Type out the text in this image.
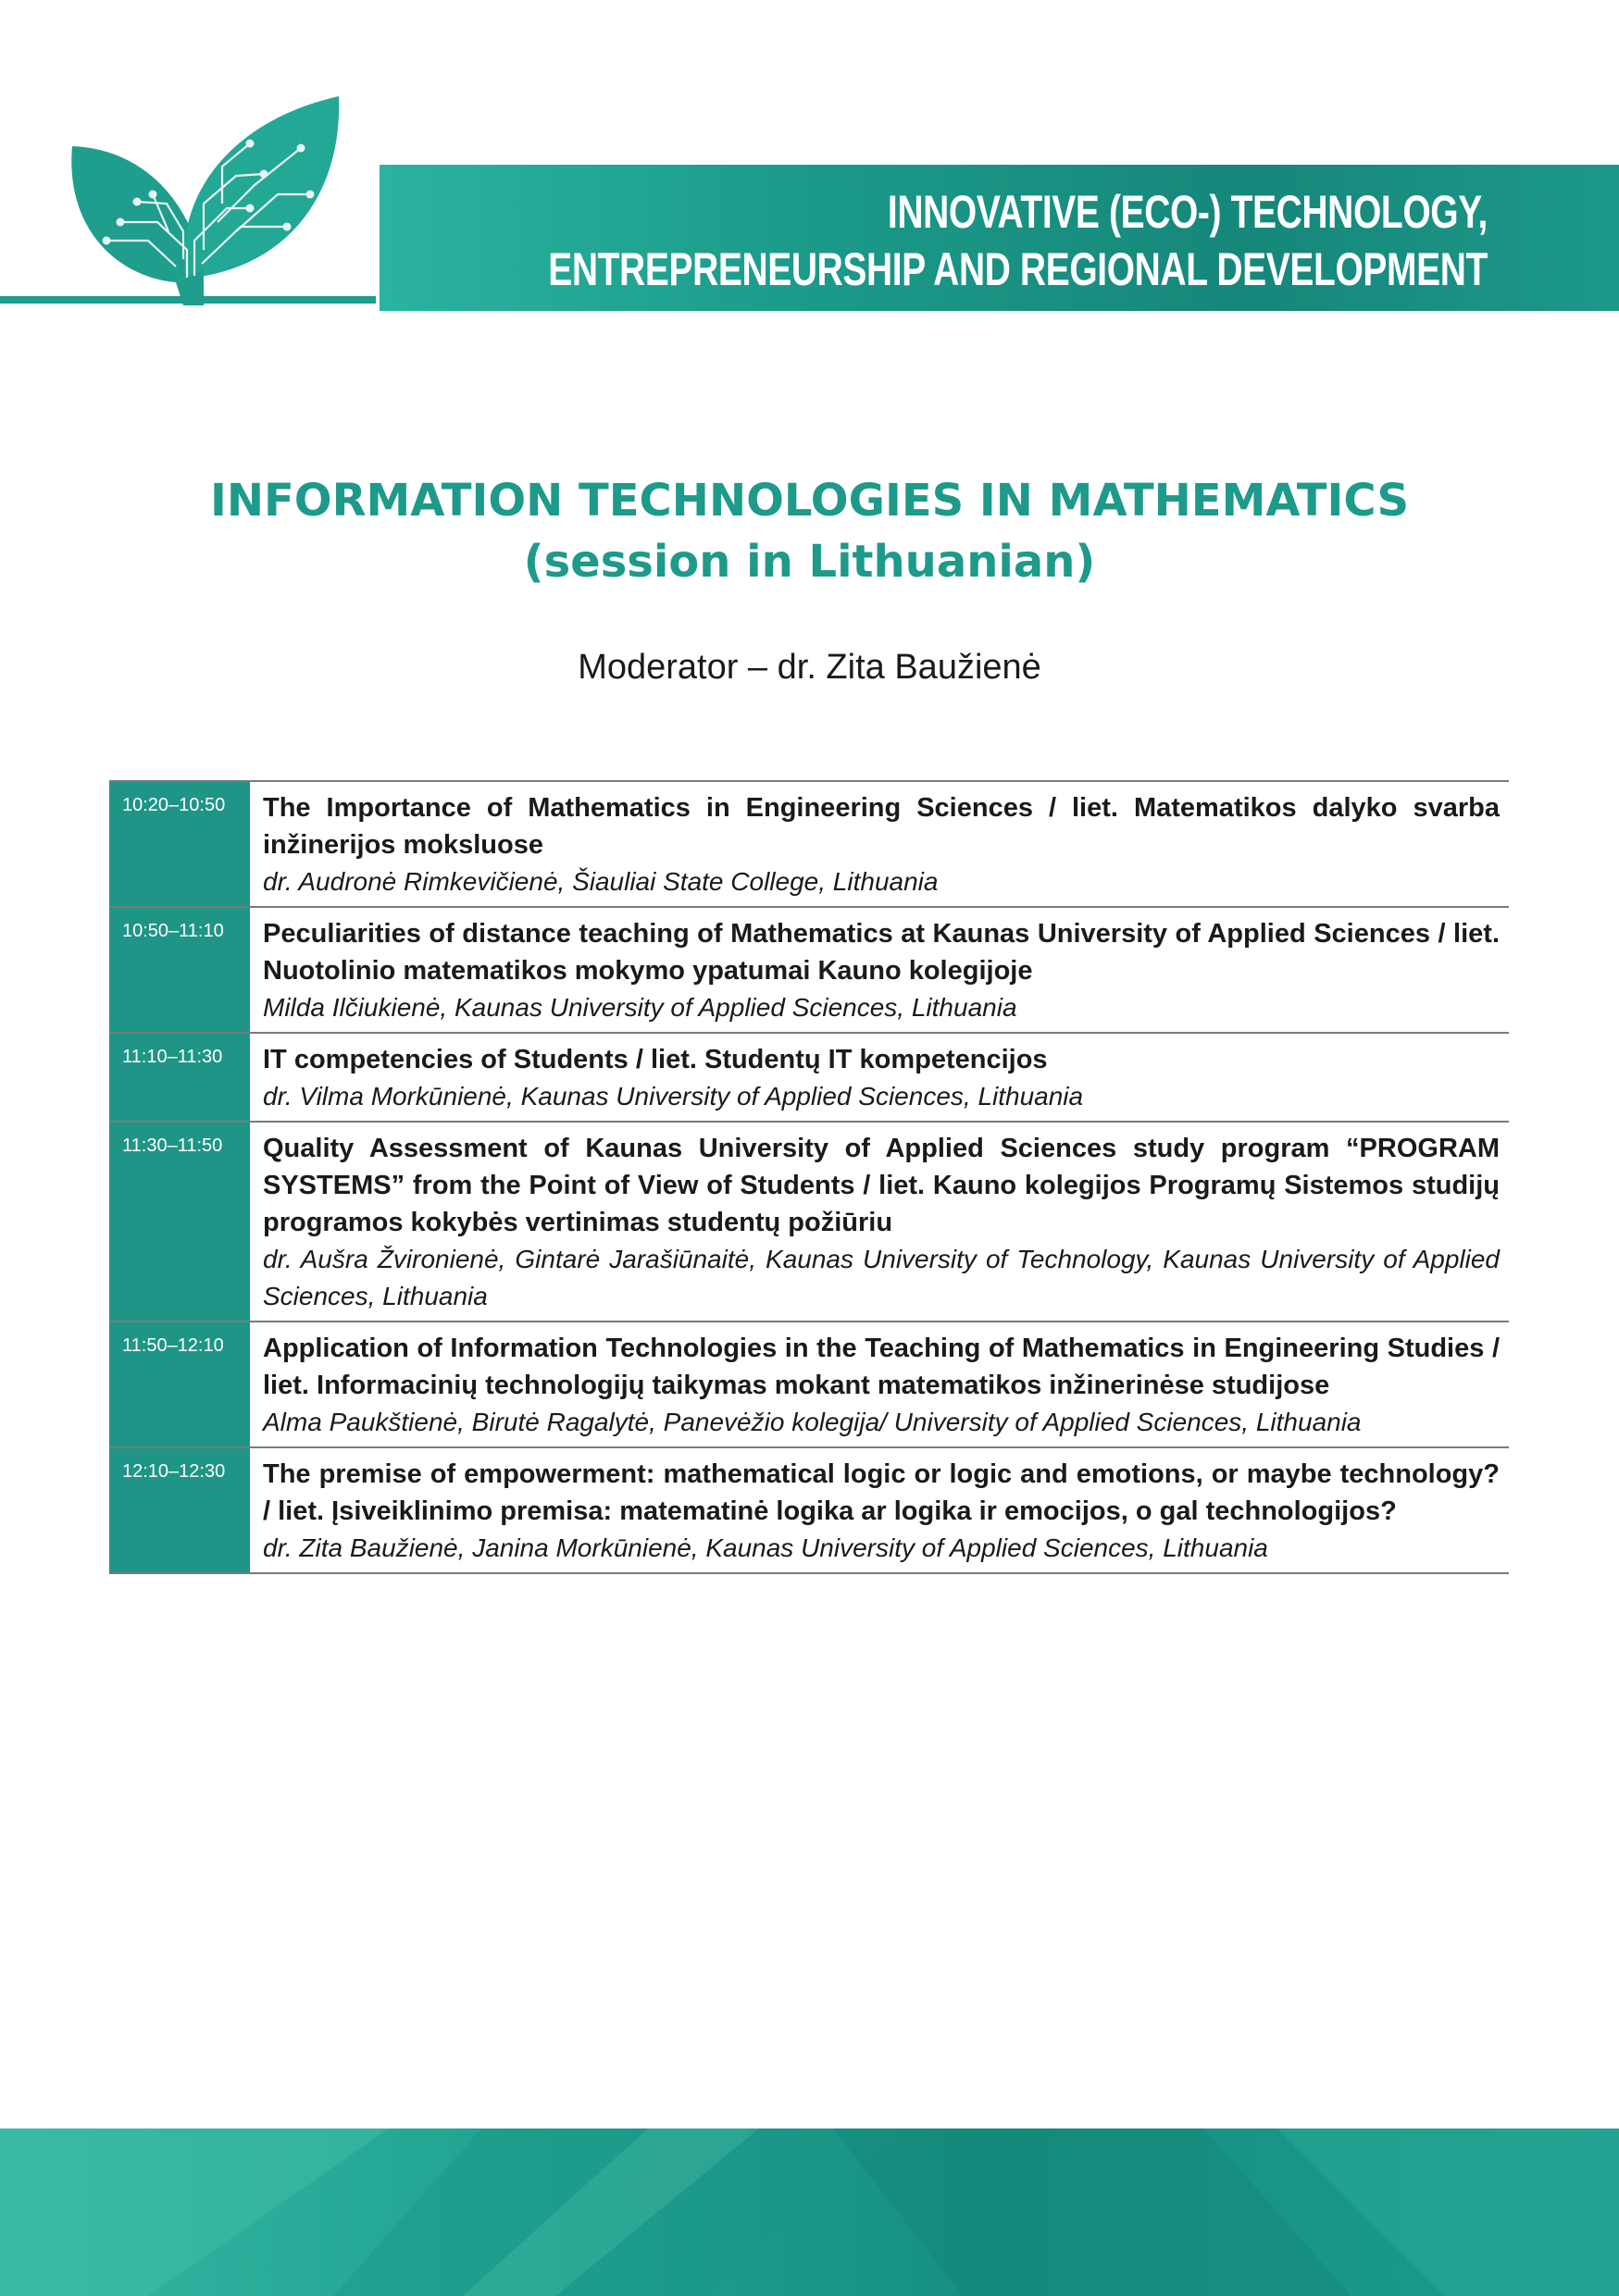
INNOVATIVE (ECO-) TECHNOLOGY,
ENTREPRENEURSHIP AND REGIONAL DEVELOPMENT
INFORMATION TECHNOLOGIES IN MATHEMATICS
(session in Lithuanian)
Moderator – dr. Zita Baužienė
10:20–10:50	The Importance of Mathematics in Engineering Sciences / liet. Matematikos dalyko svarba inžinerijos moksluose
dr. Audronė Rimkevičienė, Šiauliai State College, Lithuania
10:50–11:10	Peculiarities of distance teaching of Mathematics at Kaunas University of Applied Sciences / liet. Nuotolinio matematikos mokymo ypatumai Kauno kolegijoje
Milda Ilčiukienė, Kaunas University of Applied Sciences, Lithuania
11:10–11:30	IT competencies of Students / liet. Studentų IT kompetencijos
dr. Vilma Morkūnienė, Kaunas University of Applied Sciences, Lithuania
11:30–11:50	Quality Assessment of Kaunas University of Applied Sciences study program “PROGRAM SYSTEMS” from the Point of View of Students / liet. Kauno kolegijos Programų Sistemos studijų programos kokybės vertinimas studentų požiūriu
dr. Aušra Žvironienė, Gintarė Jarašiūnaitė, Kaunas University of Technology, Kaunas University of Applied Sciences, Lithuania
11:50–12:10	Application of Information Technologies in the Teaching of Mathematics in Engineering Studies / liet. Informacinių technologijų taikymas mokant matematikos inžinerinėse studijose
Alma Paukštienė, Birutė Ragalytė, Panevėžio kolegija/ University of Applied Sciences, Lithuania
12:10–12:30	The premise of empowerment: mathematical logic or logic and emotions, or maybe technology? / liet. Įsiveiklinimo premisa: matematinė logika ar logika ir emocijos, o gal technologijos?
dr. Zita Baužienė, Janina Morkūnienė, Kaunas University of Applied Sciences, Lithuania
